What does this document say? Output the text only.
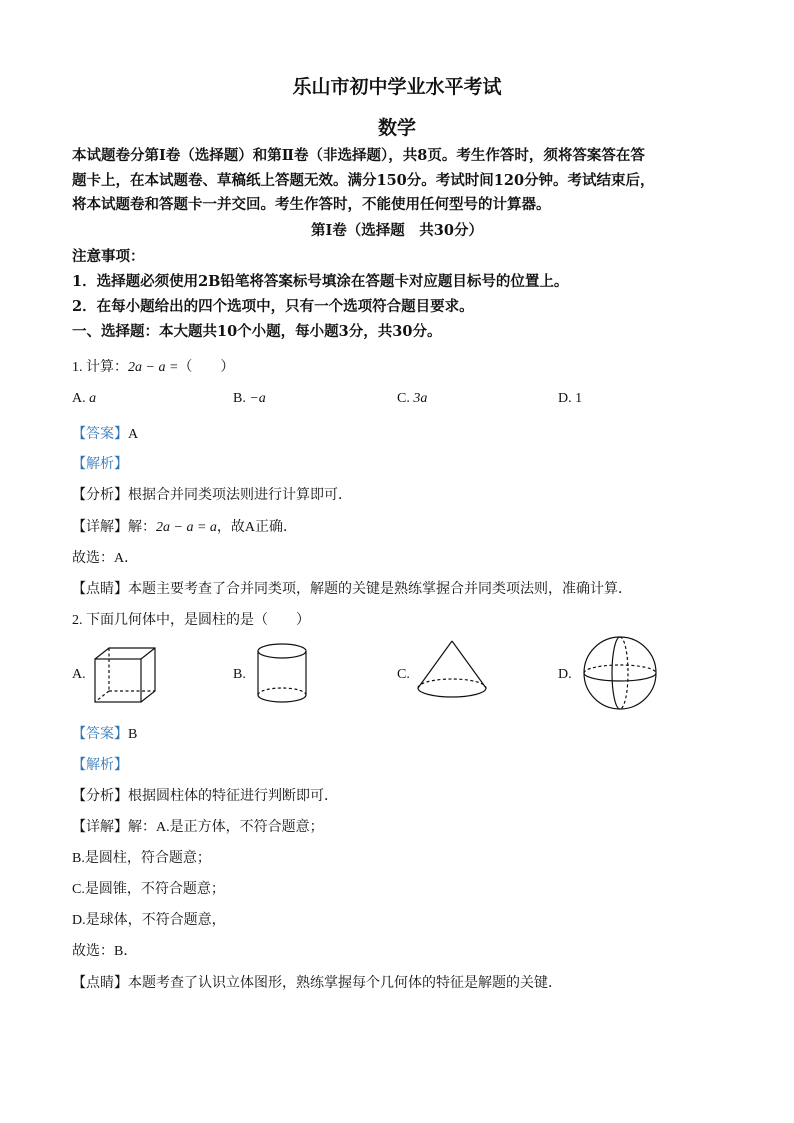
乐山市初中学业水平考试
数学

本试题卷分第Ⅰ卷（选择题）和第Ⅱ卷（非选择题），共8页。考生作答时，须将答案答在答

题卡上，在本试题卷、草稿纸上答题无效。满分150分。考试时间120分钟。考试结束后，

将本试题卷和答题卡一并交回。考生作答时，不能使用任何型号的计算器。

第Ⅰ卷（选择题　共30分）
注意事项：
1．选择题必须使用2B铅笔将答案标号填涂在答题卡对应题目标号的位置上。
2．在每小题给出的四个选项中，只有一个选项符合题目要求。
一、选择题：本大题共10个小题，每小题3分，共30分。
1. 计算：2a − a =（　　）
A. a	B. −a	C. 3a	D. 1
【答案】A
【解析】
【分析】根据合并同类项法则进行计算即可．
【详解】解：2a − a = a，故A正确．
故选：A．
【点睛】本题主要考查了合并同类项，解题的关键是熟练掌握合并同类项法则，准确计算．
2. 下面几何体中，是圆柱的是（　　）
A.	B.	C.	D.
【答案】B
【解析】
【分析】根据圆柱体的特征进行判断即可．
【详解】解：A.是正方体，不符合题意；
B.是圆柱，符合题意；
C.是圆锥，不符合题意；
D.是球体，不符合题意，
故选：B．
【点睛】本题考查了认识立体图形，熟练掌握每个几何体的特征是解题的关键．
